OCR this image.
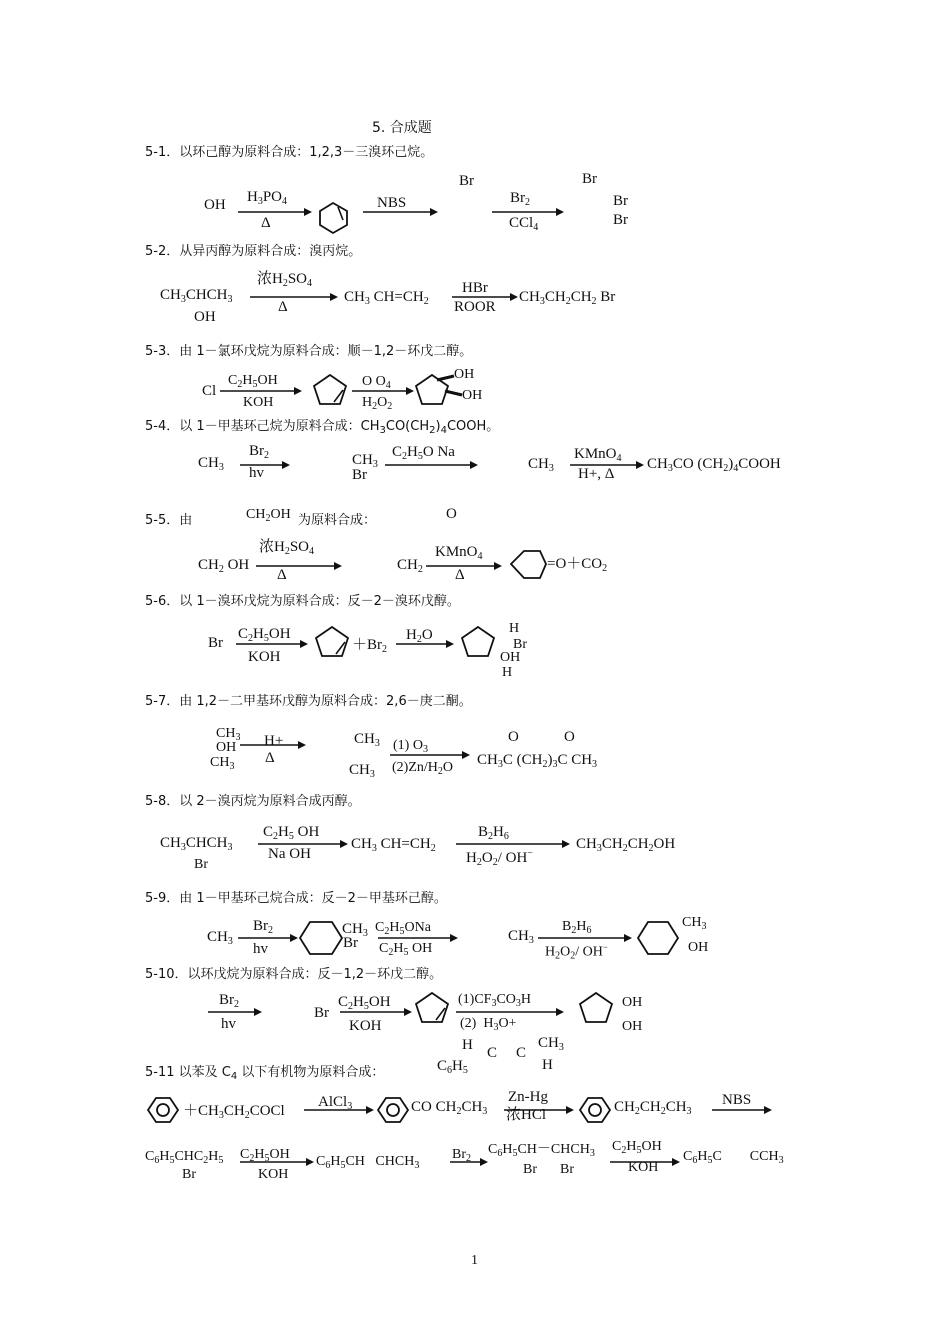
5. 合成题
5-1．以环己醇为原料合成：1,2,3－三溴环己烷。
OH $H_3PO_4$
Δ
NBS
Br
$Br_2$
CCl$_4$
Br
Br
Br
5-2．从异丙醇为原料合成：溴丙烷。
$CH_3CHCH_3$
OH
浓$H_2SO_4$
Δ
$CH_3$ $CH=CH_2$
HBr
ROOR
$CH_3CH_2CH_2$ Br
5-3．由 1－氯环戊烷为原料合成：顺－1,2－环戊二醇。
Cl
$C_2H_5OH$
KOH
O $O_4$
$H_2O_2$
OH
OH
5-4．以 1－甲基环己烷为原料合成：$CH_3CO(CH_2)_4COOH$。
$CH_3$
$Br_2$
hv
$CH_3$
Br
$C_2H_5O$ Na
$CH_3$
KMnO$_4$
H+, Δ
$CH_3CO$ $(CH_2)_4COOH$
5-5．由	$CH_2OH$ 为原料合成：	O
$CH_2$ OH
浓$H_2SO_4$
Δ
$CH_2$
KMnO$_4$
Δ
$=O+CO_2$
5-6．以 1－溴环戊烷为原料合成：反－2－溴环戊醇。
Br
$C_2H_5OH$
KOH
$+Br_2$
$H_2O$	H
Br
OH
H
5-7．由 1,2－二甲基环戊醇为原料合成：2,6－庚二酮。
$CH_3$
OH
$CH_3$
H+
Δ
$CH_3$
$CH_3$
(1) $O_3$
$(2)Zn/H_2O$
O	O
$CH_3C$ $(CH_2)_3C$ $CH_3$
5-8．以 2－溴丙烷为原料合成丙醇。
$CH_3CHCH_3$
Br
$C_2H_5$ OH
Na OH
$CH_3$ $CH=CH_2$
$B_2H_6$
$H_2O_2/$ OH−
$CH_3CH_2CH_2OH$
5-9．由 1－甲基环己烷合成：反－2－甲基环己醇。
$CH_3$
$Br_2$
hv
$CH_3$
Br
$C_2H_5ONa$
$C_2H_5$ OH
$CH_3$
$B_2H_6$
$H_2O_2/$ OH−
$CH_3$
OH
5-10．以环戊烷为原料合成：反－1,2－环戊二醇。
$Br_2$
hv
Br
$C_2H_5OH$
KOH
$(1)CF_3CO_3H$
(2)  $H_3O+$
OH
OH
5-11 以苯及 $C_4$ 以下有机物为原料合成：
H C C
$CH_3$
H
$C_6H_5$
$+CH_3CH_2COCl$
AlCl$_3$	CO $CH_2CH_3$
Zn-Hg
浓HCl	$CH_2CH_2CH_3$
NBS
$C_6H_5CHC_2H_5$
Br
$C_2H_5OH$
KOH
$C_6H_5CH$   $CHCH_3$
$Br_2$
$C_6H_5CH-CHCH_3$
Br Br
$C_2H_5OH$
KOH
$C_6H_5C$        $CCH_3$
1
